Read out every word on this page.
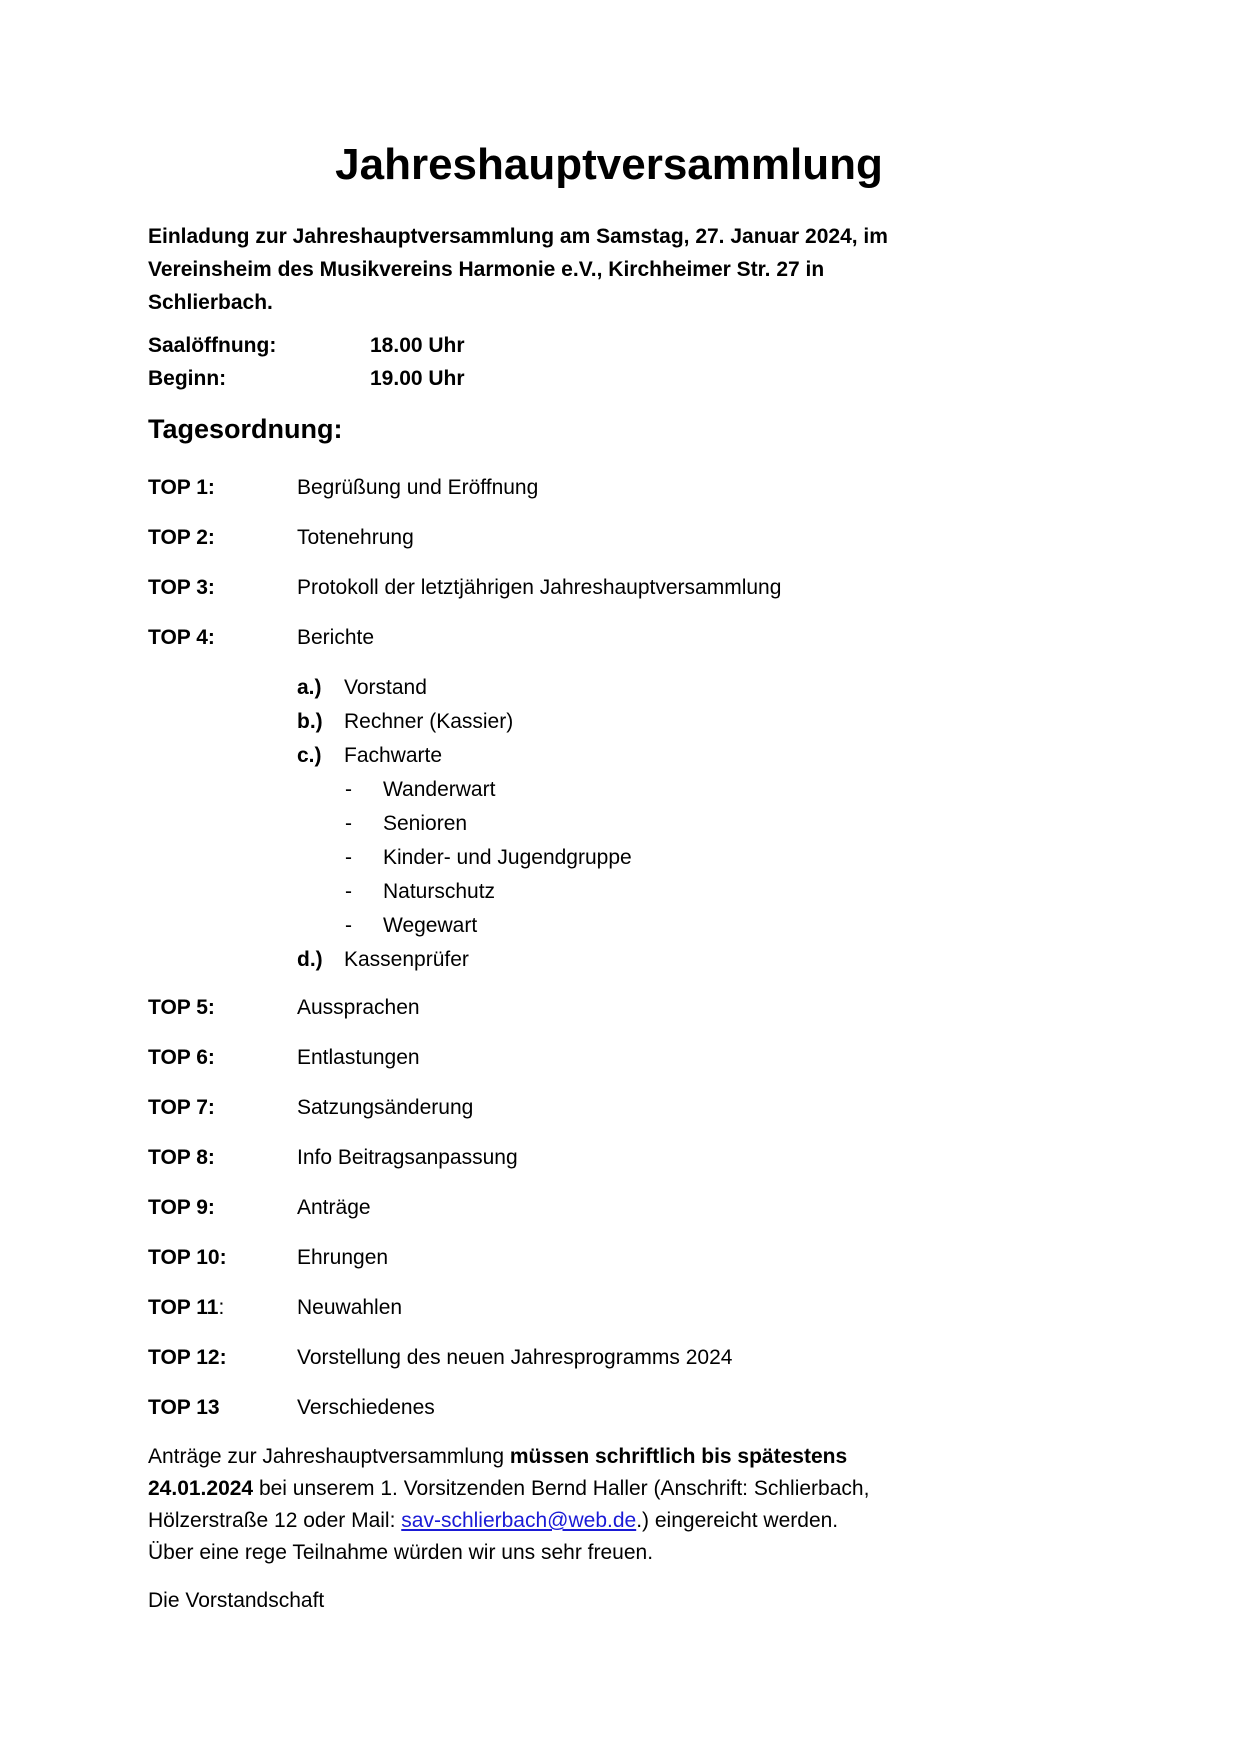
Jahreshauptversammlung

Einladung zur Jahreshauptversammlung am Samstag, 27. Januar 2024, im
Vereinsheim des Musikvereins Harmonie e.V., Kirchheimer Str. 27 in
Schlierbach.

Saalöffnung:	18.00 Uhr
Beginn:	19.00 Uhr
Tagesordnung:
TOP 1:	Begrüßung und Eröffnung
TOP 2:	Totenehrung
TOP 3:	Protokoll der letztjährigen Jahreshauptversammlung
TOP 4:	Berichte
a.)	Vorstand
b.)	Rechner (Kassier)
c.)	Fachwarte
-	Wanderwart
-	Senioren
-	Kinder- und Jugendgruppe
-	Naturschutz
-	Wegewart
d.)	Kassenprüfer
TOP 5:	Aussprachen
TOP 6:	Entlastungen
TOP 7:	Satzungsänderung
TOP 8:	Info Beitragsanpassung
TOP 9:	Anträge
TOP 10:	Ehrungen
TOP 11:	Neuwahlen
TOP 12:	Vorstellung des neuen Jahresprogramms 2024
TOP 13	Verschiedenes
Anträge zur Jahreshauptversammlung müssen schriftlich bis spätestens
24.01.2024 bei unserem 1. Vorsitzenden Bernd Haller (Anschrift: Schlierbach,
Hölzerstraße 12 oder Mail: sav-schlierbach@web.de.) eingereicht werden.
Über eine rege Teilnahme würden wir uns sehr freuen.
Die Vorstandschaft
